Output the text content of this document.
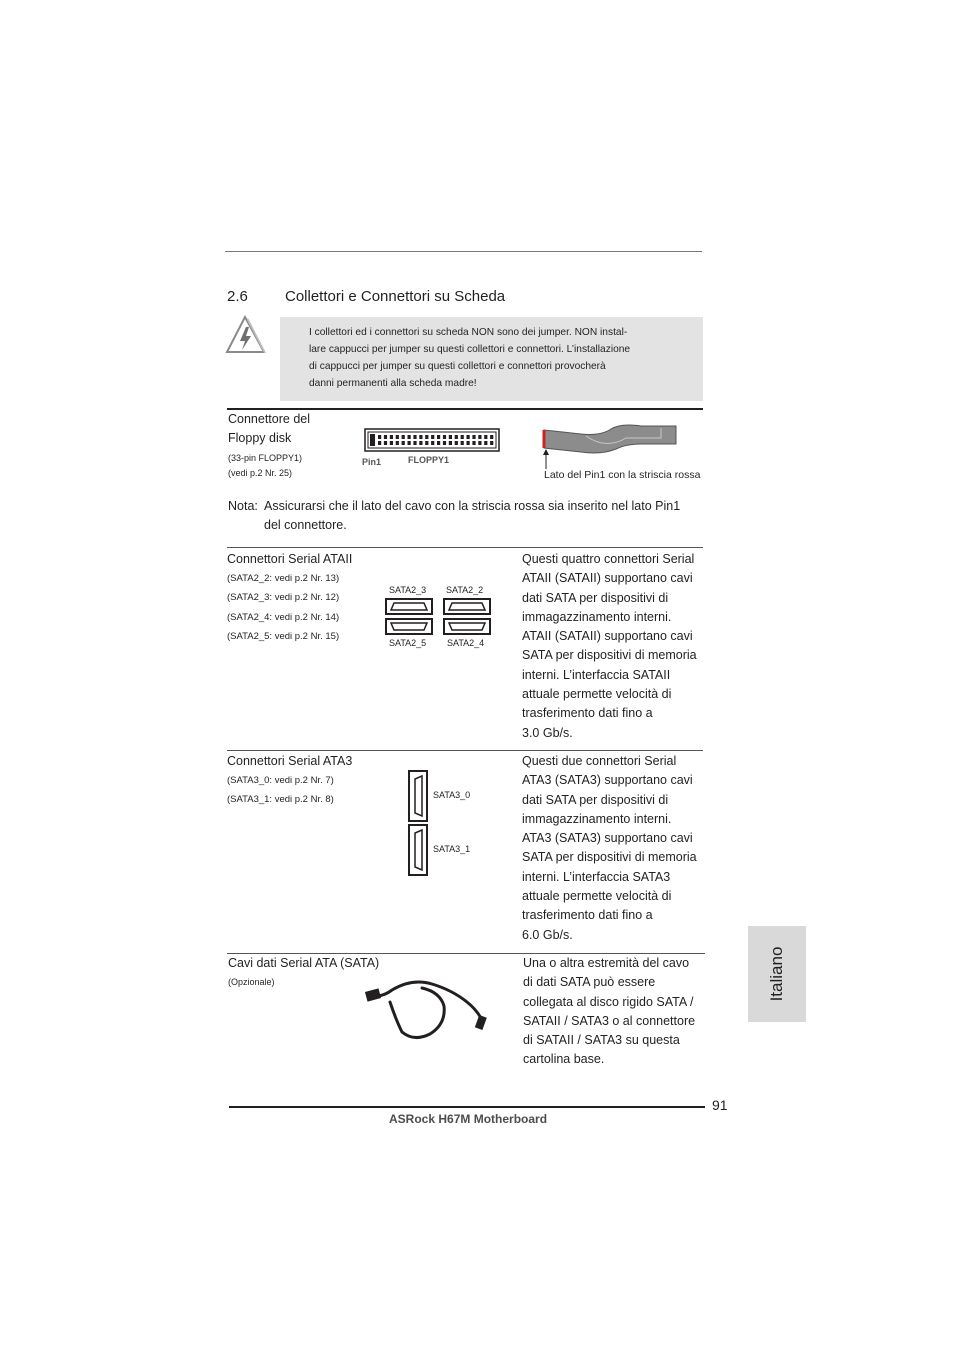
2.6 Collettori e Connettori su Scheda
I collettori ed i connettori su scheda NON sono dei jumper. NON instal-
lare cappucci per jumper su questi collettori e connettori. L’installazione
di cappucci per jumper su questi collettori e connettori provocherà
danni permanenti alla scheda madre!
Connettore del
Floppy disk
(33-pin FLOPPY1)
(vedi p.2 Nr. 25)
Pin1	FLOPPY1
Lato del Pin1 con la striscia rossa
Nota: Assicurarsi che il lato del cavo con la striscia rossa sia inserito nel lato Pin1
del connettore.
Connettori Serial ATAII
(SATA2_2: vedi p.2 Nr. 13)
(SATA2_3: vedi p.2 Nr. 12)
(SATA2_4: vedi p.2 Nr. 14)
(SATA2_5: vedi p.2 Nr. 15)
SATA2_3 SATA2_2
SATA2_5 SATA2_4
Questi quattro connettori Serial
ATAII (SATAII) supportano cavi
dati SATA per dispositivi di
immagazzinamento interni.
ATAII (SATAII) supportano cavi
SATA per dispositivi di memoria
interni. L’interfaccia SATAII
attuale permette velocità di
trasferimento dati fino a
3.0 Gb/s.
Connettori Serial ATA3
(SATA3_0: vedi p.2 Nr. 7)
(SATA3_1: vedi p.2 Nr. 8)	SATA3_0
SATA3_1
Questi due connettori Serial
ATA3 (SATA3) supportano cavi
dati SATA per dispositivi di
immagazzinamento interni.
ATA3 (SATA3) supportano cavi
SATA per dispositivi di memoria
interni. L’interfaccia SATA3
attuale permette velocità di
trasferimento dati fino a
6.0 Gb/s.
Cavi dati Serial ATA (SATA)
(Opzionale)
Una o altra estremità del cavo
di dati SATA può essere
collegata al disco rigido SATA /
SATAII / SATA3 o al connettore
di SATAII / SATA3 su questa
cartolina base.
Italiano
91
ASRock H67M Motherboard
